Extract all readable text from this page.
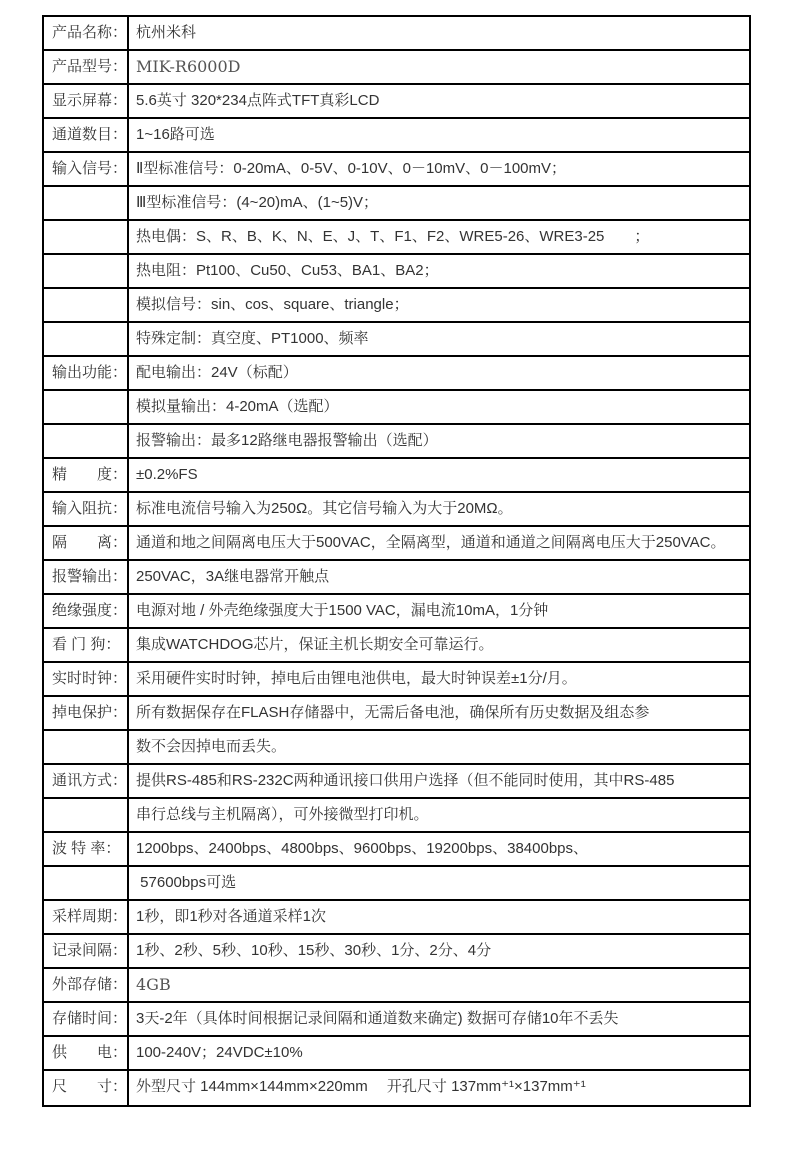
产品名称： 杭州米科
产品型号： MIK-R6000D
显示屏幕： 5.6英寸 320*234点阵式TFT真彩LCD
通道数目： 1~16路可选
输入信号： Ⅱ型标准信号：0-20mA、0-5V、0-10V、0－10mV、0－100mV；
Ⅲ型标准信号：(4~20)mA、(1~5)V；
热电偶：S、R、B、K、N、E、J、T、F1、F2、WRE5-26、WRE3-25　　；
热电阻：Pt100、Cu50、Cu53、BA1、BA2；
模拟信号：sin、cos、square、triangle；
特殊定制：真空度、PT1000、频率
输出功能： 配电输出：24V（标配）
模拟量输出：4-20mA（选配）
报警输出：最多12路继电器报警输出（选配）
精　　度： ±0.2%FS
输入阻抗： 标准电流信号输入为250Ω。其它信号输入为大于20MΩ。
隔　　离： 通道和地之间隔离电压大于500VAC，全隔离型，通道和通道之间隔离电压大于250VAC。
报警输出： 250VAC，3A继电器常开触点
绝缘强度： 电源对地 / 外壳绝缘强度大于1500 VAC，漏电流10mA，1分钟
看 门 狗：	集成WATCHDOG芯片，保证主机长期安全可靠运行。
实时时钟： 采用硬件实时时钟，掉电后由锂电池供电，最大时钟误差±1分/月。
掉电保护： 所有数据保存在FLASH存储器中，无需后备电池，确保所有历史数据及组态参
数不会因掉电而丢失。
通讯方式： 提供RS-485和RS-232C两种通讯接口供用户选择（但不能同时使用，其中RS-485
串行总线与主机隔离），可外接微型打印机。
波 特 率：	1200bps、2400bps、4800bps、9600bps、19200bps、38400bps、
57600bps可选
采样周期： 1秒，即1秒对各通道采样1次
记录间隔： 1秒、2秒、5秒、10秒、15秒、30秒、1分、2分、4分
外部存储： 4GB
存储时间： 3天-2年（具体时间根据记录间隔和通道数来确定) 数据可存储10年不丢失
供　　电： 100-240V；24VDC±10%
尺　　寸： 外型尺寸 144mm×144mm×220mm　 开孔尺寸 137mm⁺¹×137mm⁺¹
